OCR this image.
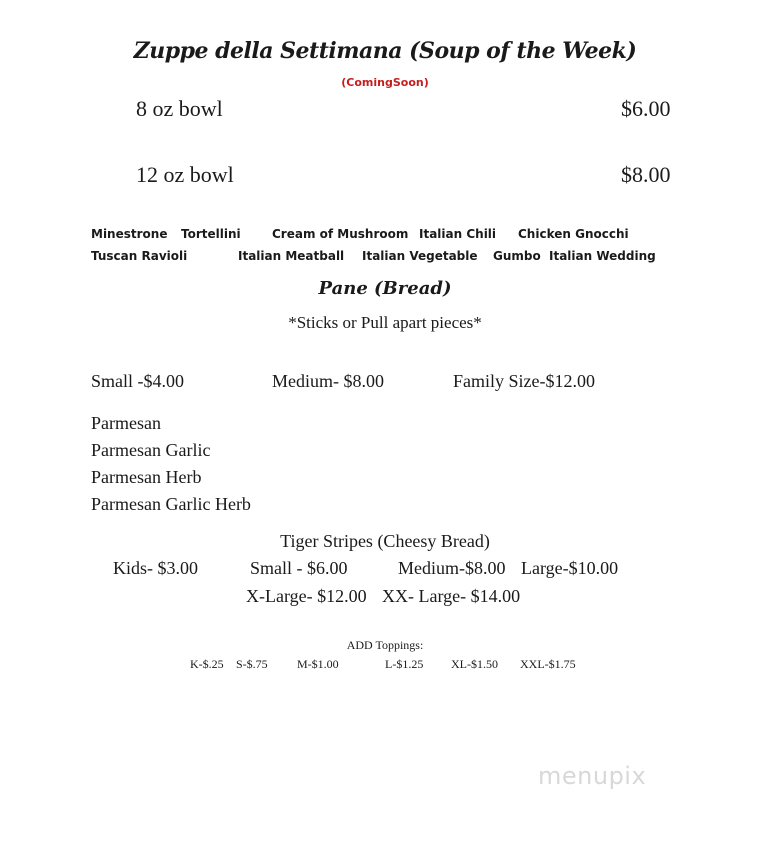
Zuppe della Settimana (Soup of the Week)
(ComingSoon)
8 oz bowl	$6.00
12 oz bowl	$8.00
Minestrone Tortellini	Cream of Mushroom Italian Chili Chicken Gnocchi
Tuscan Ravioli	Italian Meatball Italian Vegetable Gumbo Italian Wedding
Pane (Bread)
*Sticks or Pull apart pieces*
Small -$4.00	Medium- $8.00	Family Size-$12.00
Parmesan
Parmesan Garlic
Parmesan Herb
Parmesan Garlic Herb
Tiger Stripes (Cheesy Bread)
Kids- $3.00	Small - $6.00	Medium-$8.00 Large-$10.00
X-Large- $12.00 XX- Large- $14.00
ADD Toppings:
K-$.25 S-$.75 M-$1.00	L-$1.25 XL-$1.50 XXL-$1.75
menupix
